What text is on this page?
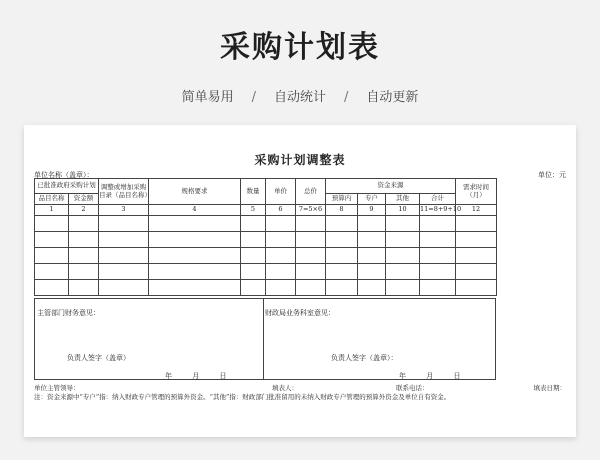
采购计划表
简单易用 / 自动统计 / 自动更新
采购计划调整表
单位名称（盖章）：	单位：元
已批准政府采购计划		调整或增加采购目录（品目名称）	规格要求	数量	单价	总价	资金来源				需求时间（月）
品目名称	资金额						预算内	专户	其他	合计	
1	2	3	4	5	6	7=5×6	8	9	10	11=8+9+10	12

主管部门财务意见：
负责人签字（盖章）
年 月 日
财政局业务科室意见：
负责人签字（盖章）：
年 月 日
单位主管领导：	填表人：	联系电话：	填表日期：
注：资金来源中“专户”指：纳入财政专户管理的预算外资金。“其他”指：财政部门批准留用的未纳入财政专户管理的预算外资金及单位自有资金。
